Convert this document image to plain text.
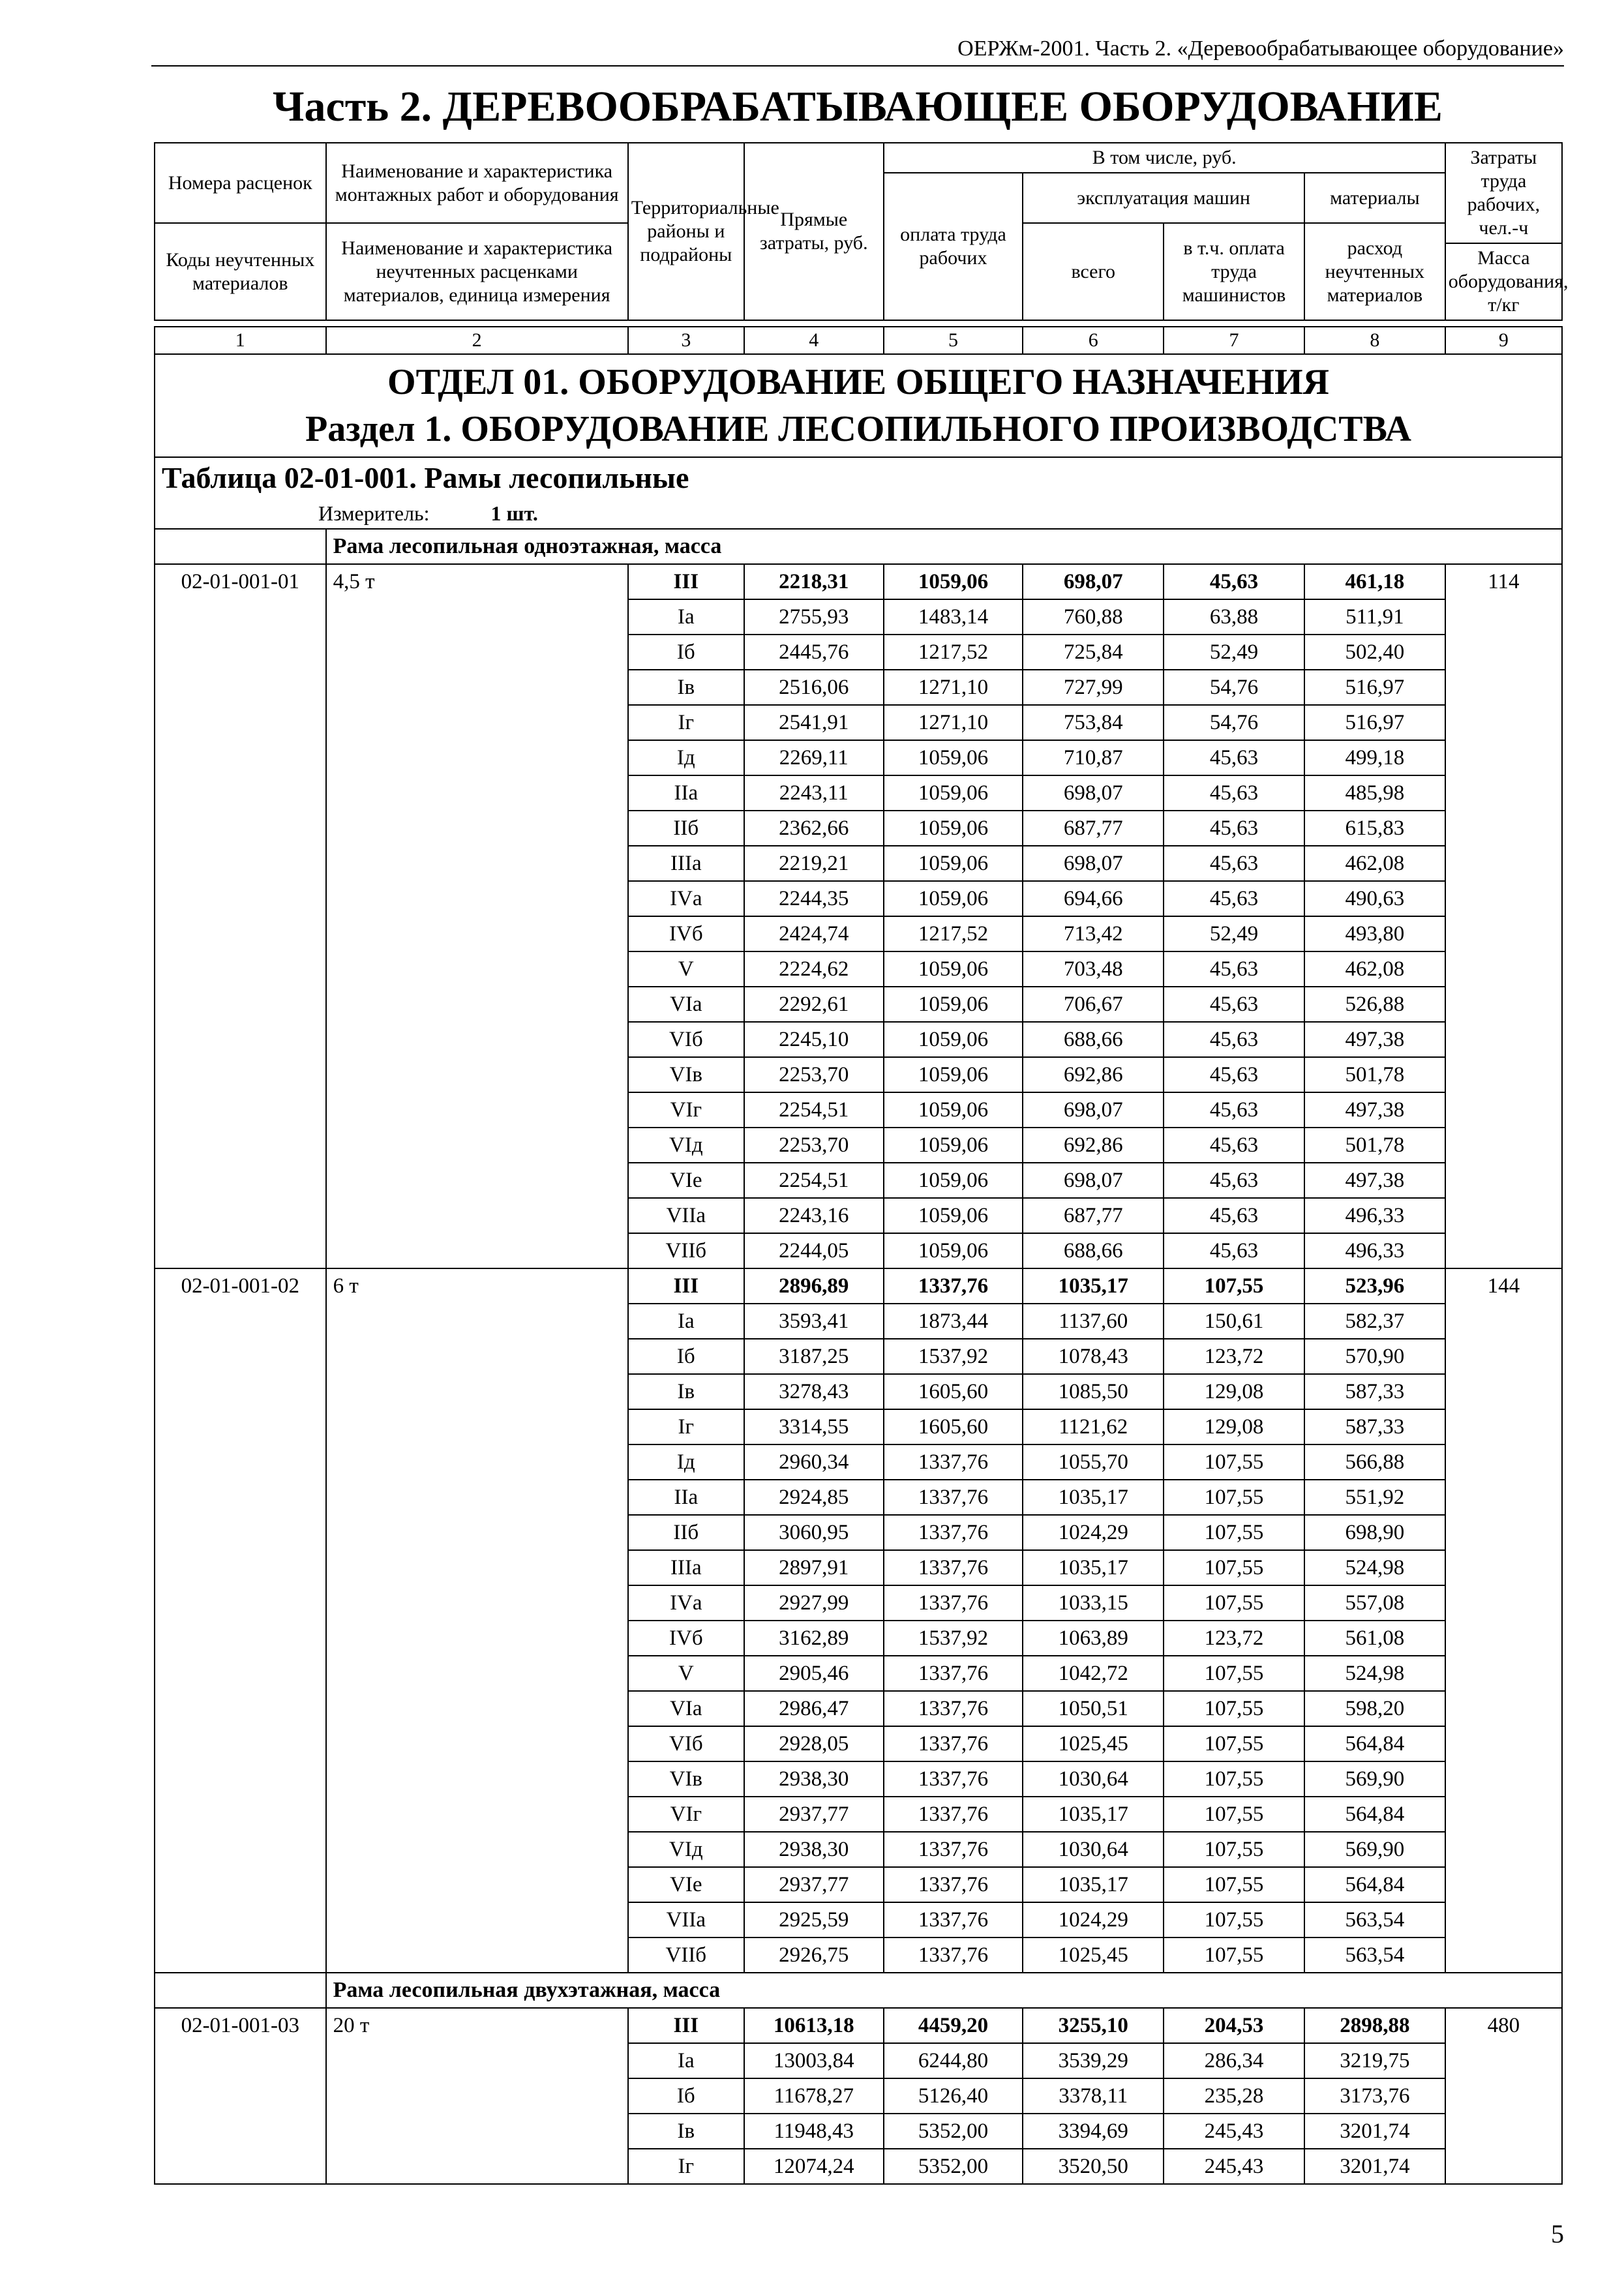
ОЕРЖм-2001. Часть 2. «Деревообрабатывающее оборудование»
Часть 2. ДЕРЕВООБРАБАТЫВАЮЩЕЕ ОБОРУДОВАНИЕ
Номера расценок	Наименование и характеристика монтажных работ и оборудования	Территориальные районы и подрайоны	Прямые затраты, руб.	В том числе, руб.				Затраты труда рабочих, чел.-ч
				оплата труда рабочих	эксплуатация машин		материалы	
Коды неучтенных материалов	Наименование и характеристика неучтенных расценками материалов, единица измерения				всего	в т.ч. оплата труда машинистов	расход неучтенных материалов	
								Масса оборудования, т/кг

1	2	3	4	5	6	7	8	9

ОТДЕЛ 01. ОБОРУДОВАНИЕ ОБЩЕГО НАЗНАЧЕНИЯ
Раздел 1. ОБОРУДОВАНИЕ ЛЕСОПИЛЬНОГО ПРОИЗВОДСТВА								

Таблица 02-01-001. Рамы лесопильные								
Измеритель: 1 шт.								
	Рама лесопильная одноэтажная, масса							
02-01-001-01	4,5 т	III	2218,31	1059,06	698,07	45,63	461,18	114
		Iа	2755,93	1483,14	760,88	63,88	511,91	
		Iб	2445,76	1217,52	725,84	52,49	502,40	
		Iв	2516,06	1271,10	727,99	54,76	516,97	
		Iг	2541,91	1271,10	753,84	54,76	516,97	
		Iд	2269,11	1059,06	710,87	45,63	499,18	
		IIа	2243,11	1059,06	698,07	45,63	485,98	
		IIб	2362,66	1059,06	687,77	45,63	615,83	
		IIIа	2219,21	1059,06	698,07	45,63	462,08	
		IVа	2244,35	1059,06	694,66	45,63	490,63	
		IVб	2424,74	1217,52	713,42	52,49	493,80	
		V	2224,62	1059,06	703,48	45,63	462,08	
		VIа	2292,61	1059,06	706,67	45,63	526,88	
		VIб	2245,10	1059,06	688,66	45,63	497,38	
		VIв	2253,70	1059,06	692,86	45,63	501,78	
		VIг	2254,51	1059,06	698,07	45,63	497,38	
		VIд	2253,70	1059,06	692,86	45,63	501,78	
		VIе	2254,51	1059,06	698,07	45,63	497,38	
		VIIа	2243,16	1059,06	687,77	45,63	496,33	
		VIIб	2244,05	1059,06	688,66	45,63	496,33	
02-01-001-02	6 т	III	2896,89	1337,76	1035,17	107,55	523,96	144
		Iа	3593,41	1873,44	1137,60	150,61	582,37	
		Iб	3187,25	1537,92	1078,43	123,72	570,90	
		Iв	3278,43	1605,60	1085,50	129,08	587,33	
		Iг	3314,55	1605,60	1121,62	129,08	587,33	
		Iд	2960,34	1337,76	1055,70	107,55	566,88	
		IIа	2924,85	1337,76	1035,17	107,55	551,92	
		IIб	3060,95	1337,76	1024,29	107,55	698,90	
		IIIа	2897,91	1337,76	1035,17	107,55	524,98	
		IVа	2927,99	1337,76	1033,15	107,55	557,08	
		IVб	3162,89	1537,92	1063,89	123,72	561,08	
		V	2905,46	1337,76	1042,72	107,55	524,98	
		VIа	2986,47	1337,76	1050,51	107,55	598,20	
		VIб	2928,05	1337,76	1025,45	107,55	564,84	
		VIв	2938,30	1337,76	1030,64	107,55	569,90	
		VIг	2937,77	1337,76	1035,17	107,55	564,84	
		VIд	2938,30	1337,76	1030,64	107,55	569,90	
		VIе	2937,77	1337,76	1035,17	107,55	564,84	
		VIIа	2925,59	1337,76	1024,29	107,55	563,54	
		VIIб	2926,75	1337,76	1025,45	107,55	563,54	
	Рама лесопильная двухэтажная, масса							
02-01-001-03	20 т	III	10613,18	4459,20	3255,10	204,53	2898,88	480
		Iа	13003,84	6244,80	3539,29	286,34	3219,75	
		Iб	11678,27	5126,40	3378,11	235,28	3173,76	
		Iв	11948,43	5352,00	3394,69	245,43	3201,74	
		Iг	12074,24	5352,00	3520,50	245,43	3201,74	
5
